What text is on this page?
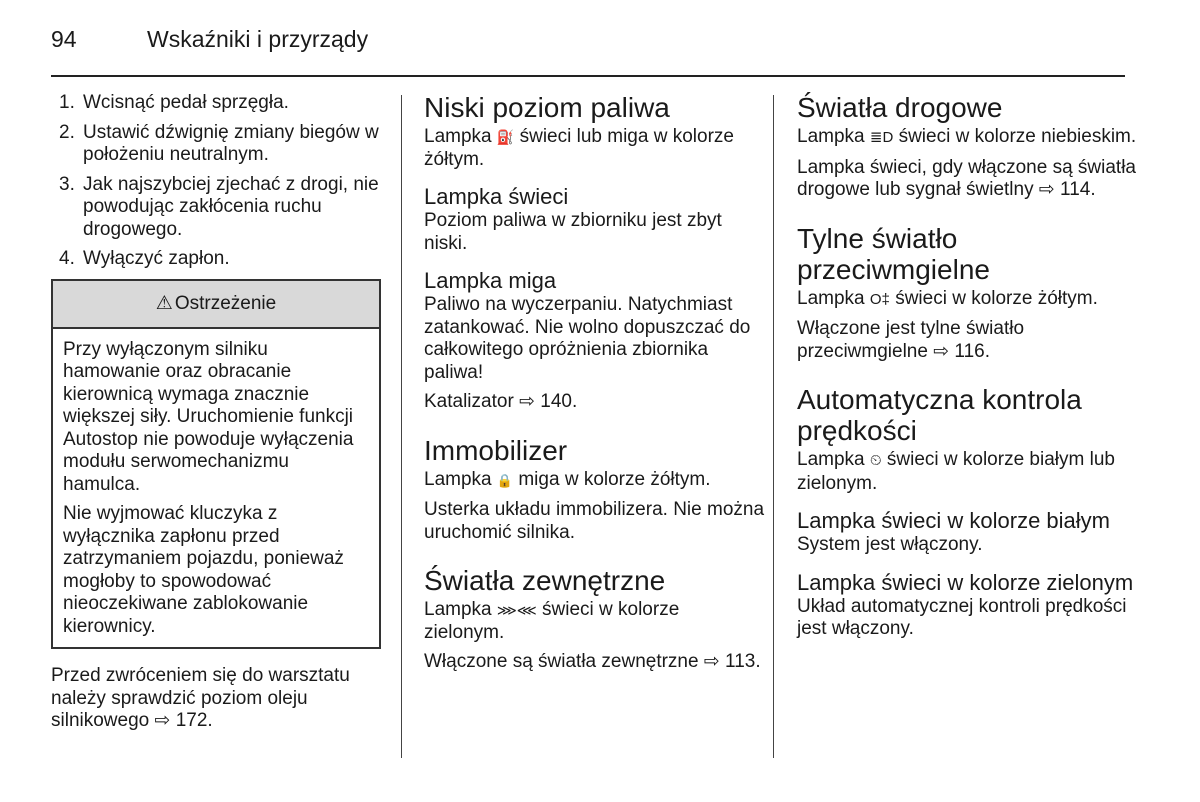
94	Wskaźniki i przyrządy
1. Wcisnąć pedał sprzęgła.
2. Ustawić dźwignię zmiany biegów w położeniu neutralnym.
3. Jak najszybciej zjechać z drogi, nie powodując zakłócenia ruchu drogowego.
4. Wyłączyć zapłon.
⚠ Ostrzeżenie

Przy wyłączonym silniku hamowanie oraz obracanie kierownicą wymaga znacznie większej siły. Uruchomienie funkcji Autostop nie powoduje wyłączenia modułu serwomechanizmu hamulca.

Nie wyjmować kluczyka z wyłącznika zapłonu przed zatrzymaniem pojazdu, ponieważ mogłoby to spowodować nieoczekiwane zablokowanie kierownicy.

Przed zwróceniem się do warsztatu należy sprawdzić poziom oleju silnikowego ⇨ 172.

Niski poziom paliwa

Lampka ⛽ świeci lub miga w kolorze żółtym.

Lampka świeci

Poziom paliwa w zbiorniku jest zbyt niski.

Lampka miga

Paliwo na wyczerpaniu. Natychmiast zatankować. Nie wolno dopuszczać do całkowitego opróżnienia zbiornika paliwa!

Katalizator ⇨ 140.

Immobilizer

Lampka 🔒 miga w kolorze żółtym.

Usterka układu immobilizera. Nie można uruchomić silnika.

Światła zewnętrzne

Lampka ⋙⋘ świeci w kolorze zielonym.

Włączone są światła zewnętrzne ⇨ 113.

Światła drogowe

Lampka ≣D świeci w kolorze niebieskim.

Lampka świeci, gdy włączone są światła drogowe lub sygnał świetlny ⇨ 114.

Tylne światło przeciwmgielne

Lampka O‡ świeci w kolorze żółtym.

Włączone jest tylne światło przeciwmgielne ⇨ 116.

Automatyczna kontrola prędkości

Lampka ⏲ świeci w kolorze białym lub zielonym.

Lampka świeci w kolorze białym

System jest włączony.

Lampka świeci w kolorze zielonym

Układ automatycznej kontroli prędkości jest włączony.
